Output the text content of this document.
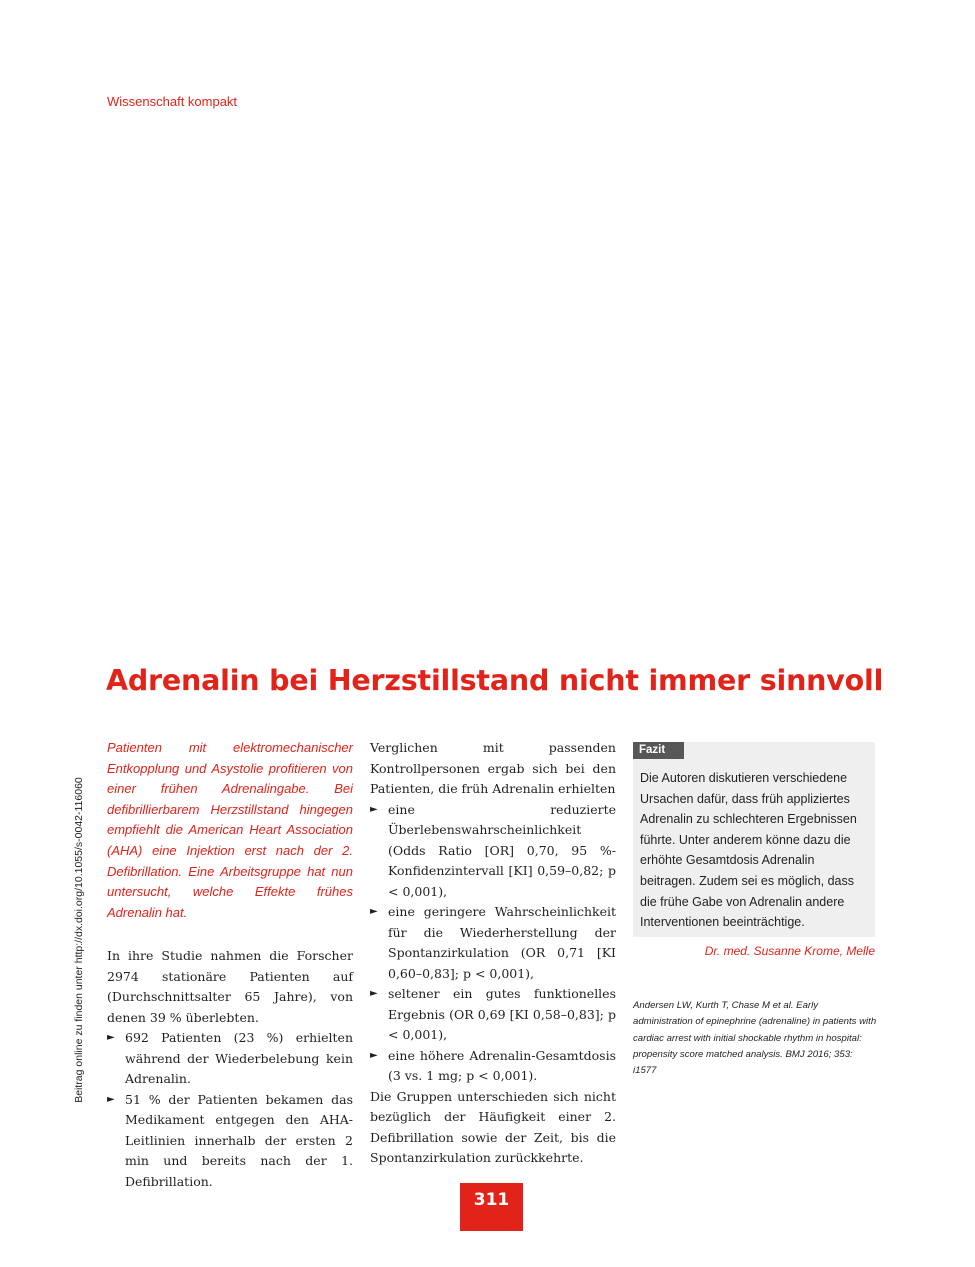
Wissenschaft kompakt
Beitrag online zu finden unter http://dx.doi.org/10.1055/s-0042-116060
Adrenalin bei Herzstillstand nicht immer sinnvoll

Patienten mit elektromechanischer Entkopplung und Asystolie profitieren von einer frühen Adrenalingabe. Bei defibrillierbarem Herzstillstand hingegen empfiehlt die American Heart Association (AHA) eine Injektion erst nach der 2. Defibrillation. Eine Arbeitsgruppe hat nun untersucht, welche Effekte frühes Adrenalin hat.

In ihre Studie nahmen die Forscher 2974 stationäre Patienten auf (Durchschnittsalter 65 Jahre), von denen 39 % überlebten.

► 692 Patienten (23 %) erhielten während der Wiederbelebung kein Adrenalin.
► 51 % der Patienten bekamen das Medikament entgegen den AHA-Leitlinien innerhalb der ersten 2 min und bereits nach der 1. Defibrillation.

Verglichen mit passenden Kontrollpersonen ergab sich bei den Patienten, die früh Adrenalin erhielten

► eine reduzierte Überlebenswahrscheinlichkeit (Odds Ratio [OR] 0,70, 95 %-Konfidenzintervall [KI] 0,59–0,82; p < 0,001),
► eine geringere Wahrscheinlichkeit für die Wiederherstellung der Spontanzirkulation (OR 0,71 [KI 0,60–0,83]; p < 0,001),
► seltener ein gutes funktionelles Ergebnis (OR 0,69 [KI 0,58–0,83]; p < 0,001),
► eine höhere Adrenalin-Gesamtdosis (3 vs. 1 mg; p < 0,001).

Die Gruppen unterschieden sich nicht bezüglich der Häufigkeit einer 2. Defibrillation sowie der Zeit, bis die Spontanzirkulation zurückkehrte.

Fazit
Die Autoren diskutieren verschiedene Ursachen dafür, dass früh appliziertes Adrenalin zu schlechteren Ergebnissen führte. Unter anderem könne dazu die erhöhte Gesamtdosis Adrenalin beitragen. Zudem sei es möglich, dass die frühe Gabe von Adrenalin andere Interventionen beeinträchtige.
Dr. med. Susanne Krome, Melle
Andersen LW, Kurth T, Chase M et al. Early administration of epinephrine (adrenaline) in patients with cardiac arrest with initial shockable rhythm in hospital: propensity score matched analysis. BMJ 2016; 353: i1577
311
